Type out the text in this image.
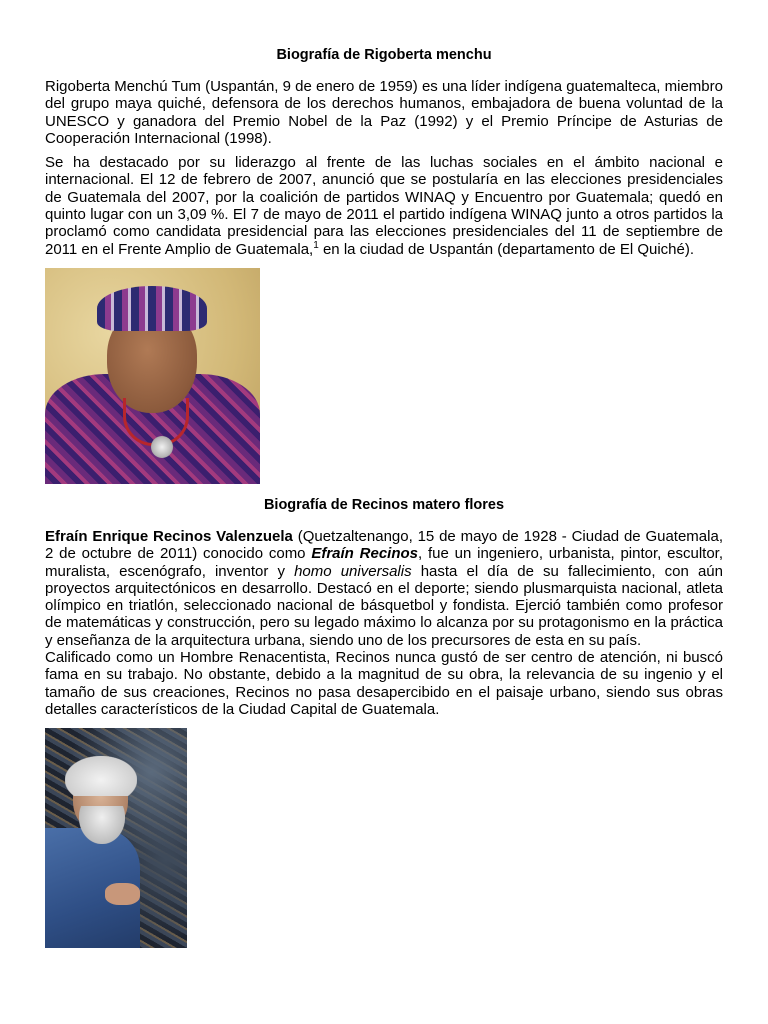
Biografía de Rigoberta menchu

Rigoberta Menchú Tum (Uspantán, 9 de enero de 1959) es una líder indígena guatemalteca, miembro del grupo maya quiché, defensora de los derechos humanos, embajadora de buena voluntad de la UNESCO y ganadora del Premio Nobel de la Paz (1992) y el Premio Príncipe de Asturias de Cooperación Internacional (1998).

Se ha destacado por su liderazgo al frente de las luchas sociales en el ámbito nacional e internacional. El 12 de febrero de 2007, anunció que se postularía en las elecciones presidenciales de Guatemala del 2007, por la coalición de partidos WINAQ y Encuentro por Guatemala; quedó en quinto lugar con un 3,09 %. El 7 de mayo de 2011 el partido indígena WINAQ junto a otros partidos la proclamó como candidata presidencial para las elecciones presidenciales del 11 de septiembre de 2011 en el Frente Amplio de Guatemala,$^1$ en la ciudad de Uspantán (departamento de El Quiché).

Biografía de Recinos matero flores

Efraín Enrique Recinos Valenzuela (Quetzaltenango, 15 de mayo de 1928 - Ciudad de Guatemala, 2 de octubre de 2011) conocido como Efraín Recinos, fue un ingeniero, urbanista, pintor, escultor, muralista, escenógrafo, inventor y homo universalis hasta el día de su fallecimiento, con aún proyectos arquitectónicos en desarrollo. Destacó en el deporte; siendo plusmarquista nacional, atleta olímpico en triatlón, seleccionado nacional de básquetbol y fondista. Ejerció también como profesor de matemáticas y construcción, pero su legado máximo lo alcanza por su protagonismo en la práctica y enseñanza de la arquitectura urbana, siendo uno de los precursores de esta en su país.

Calificado como un Hombre Renacentista, Recinos nunca gustó de ser centro de atención, ni buscó fama en su trabajo. No obstante, debido a la magnitud de su obra, la relevancia de su ingenio y el tamaño de sus creaciones, Recinos no pasa desapercibido en el paisaje urbano, siendo sus obras detalles característicos de la Ciudad Capital de Guatemala.
